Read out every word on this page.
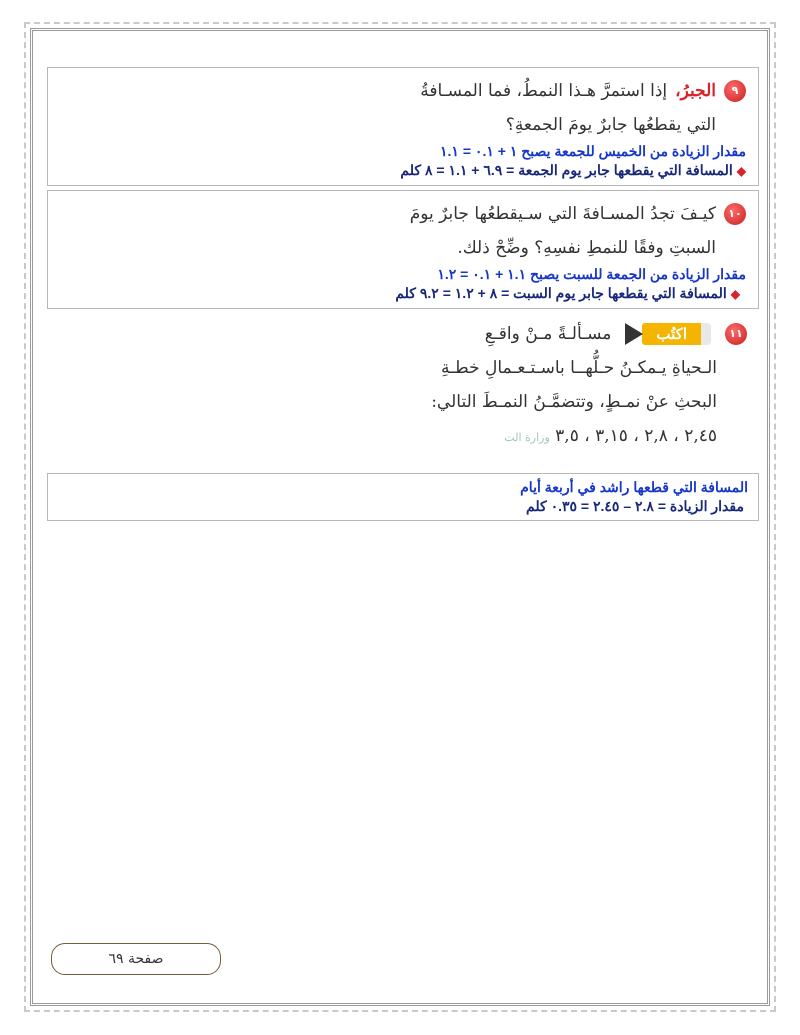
٩
الجبرُ،
إذا استمرَّ هـذا النمطُ، فما المسـافةُ
التي يقطعُها جابرٌ يومَ الجمعةِ؟
مقدار الزيادة من الخميس للجمعة يصبح ١ + ٠.١ = ١.١
◆المسافة التي يقطعها جابر يوم الجمعة = ٦.٩ + ١.١ = ٨ كلم
١٠
كيـفَ تجدُ المسـافةَ التي سـيقطعُها جابرٌ يومَ
السبتِ وفقًا للنمطِ نفسِهِ؟ وضِّحْ ذلك.
مقدار الزيادة من الجمعة للسبت يصبح ١.١ + ٠.١ = ١.٢
◆المسافة التي يقطعها جابر يوم السبت = ٨ + ١.٢ = ٩.٢ كلم
١١
اكتُب
مسـألـةً مـنْ واقـعِ
الـحياةِ يـمكـنُ حـلُّهــا باسـتـعـمالِ خطـةِ
البحثِ عنْ نمـطٍ، وتتضمَّـنُ النمـطَ التالي:
٢,٤٥ ، ٢,٨ ، ٣,١٥ ، ٣,٥ وزارة الت
المسافة التي قطعها راشد في أربعة أيام
مقدار الزيادة = ٢.٨ – ٢.٤٥ = ٠.٣٥ كلم
صفحة ٦٩
